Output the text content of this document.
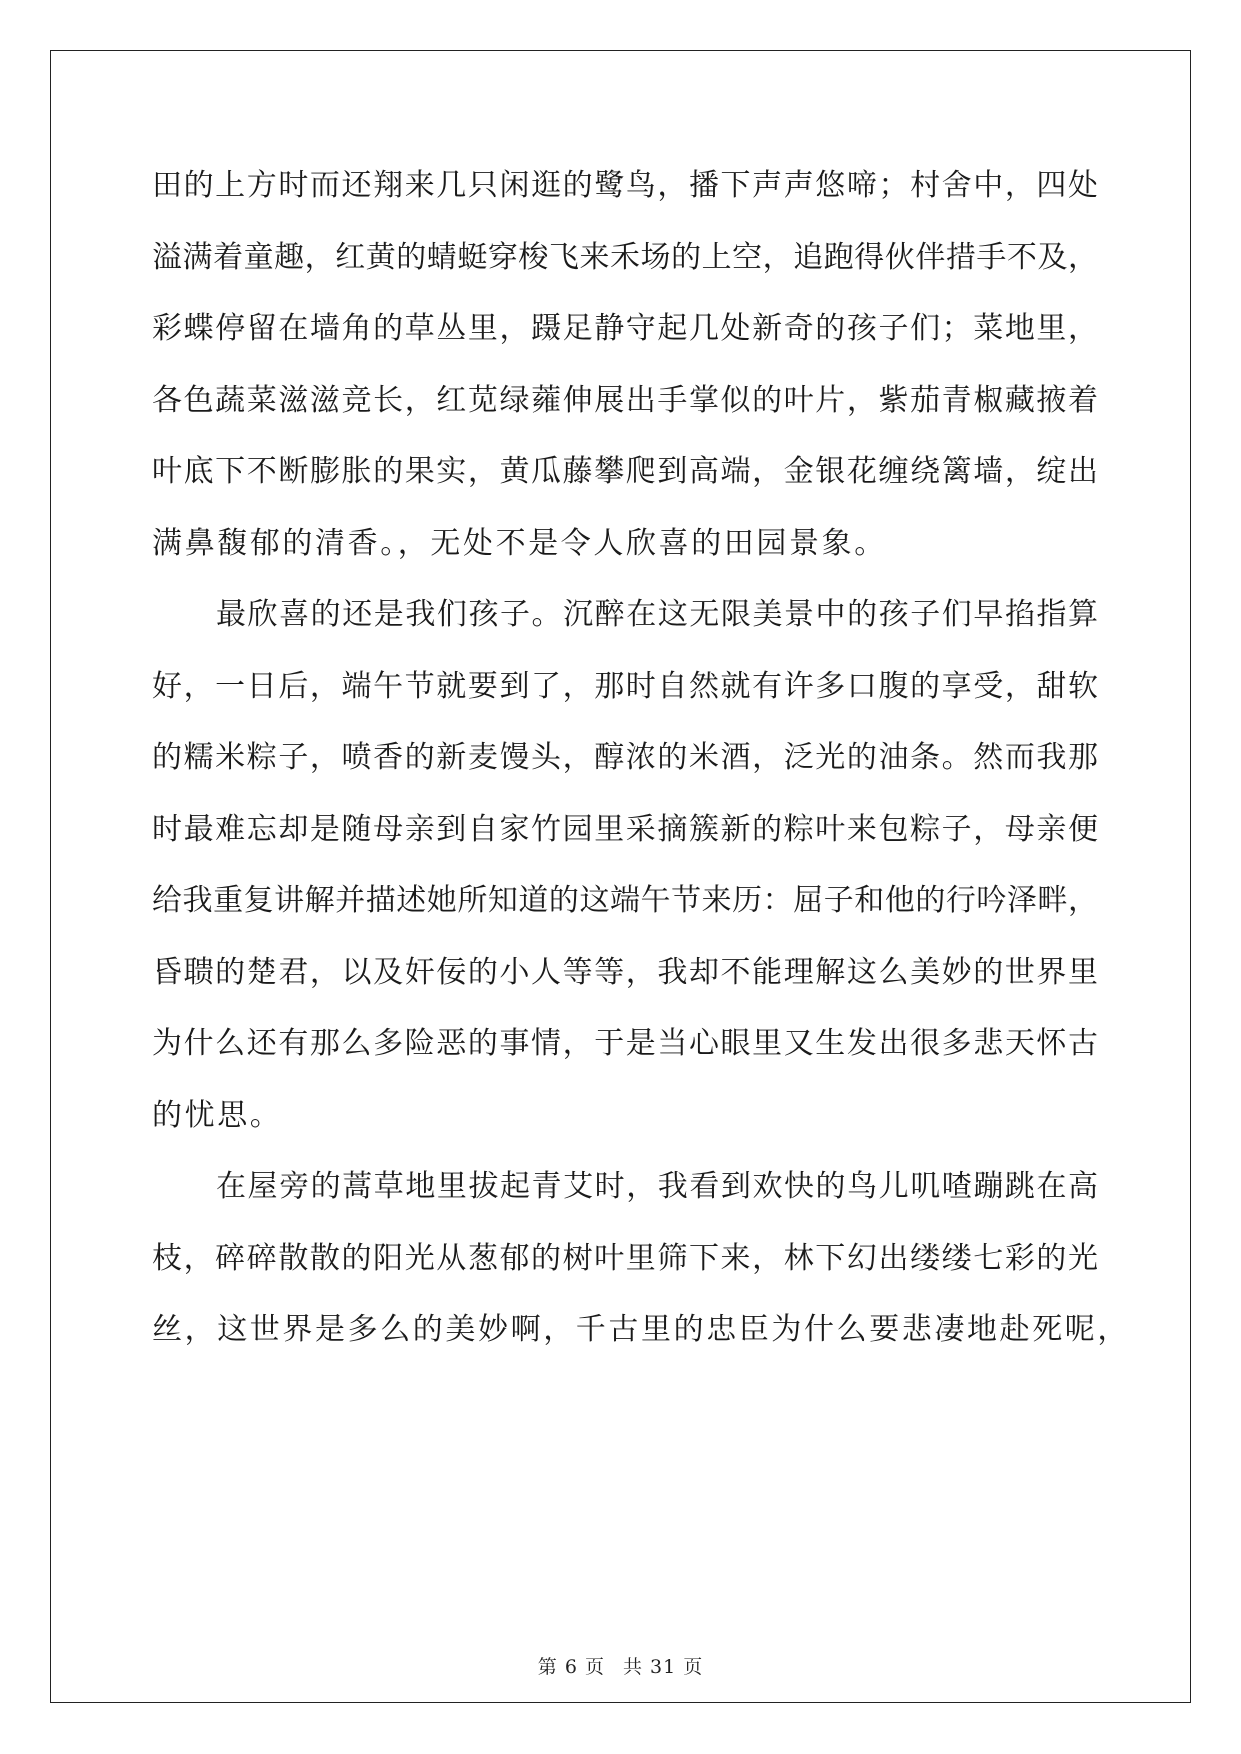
田的上方时而还翔来几只闲逛的鹭鸟，播下声声悠啼；村舍中，四处
溢满着童趣，红黄的蜻蜓穿梭飞来禾场的上空，追跑得伙伴措手不及，
彩蝶停留在墙角的草丛里，蹑足静守起几处新奇的孩子们；菜地里，
各色蔬菜滋滋竞长，红苋绿蕹伸展出手掌似的叶片，紫茄青椒藏掖着
叶底下不断膨胀的果实，黄瓜藤攀爬到高端，金银花缠绕篱墙，绽出
满鼻馥郁的清香。，无处不是令人欣喜的田园景象。
最欣喜的还是我们孩子。沉醉在这无限美景中的孩子们早掐指算
好，一日后，端午节就要到了，那时自然就有许多口腹的享受，甜软
的糯米粽子，喷香的新麦馒头，醇浓的米酒，泛光的油条。然而我那
时最难忘却是随母亲到自家竹园里采摘簇新的粽叶来包粽子，母亲便
给我重复讲解并描述她所知道的这端午节来历：屈子和他的行吟泽畔，
昏聩的楚君，以及奸佞的小人等等，我却不能理解这么美妙的世界里
为什么还有那么多险恶的事情，于是当心眼里又生发出很多悲天怀古
的忧思。
在屋旁的蒿草地里拔起青艾时，我看到欢快的鸟儿叽喳蹦跳在高
枝，碎碎散散的阳光从葱郁的树叶里筛下来，林下幻出缕缕七彩的光
丝，这世界是多么的美妙啊，千古里的忠臣为什么要悲凄地赴死呢，
第 6 页 共 31 页
